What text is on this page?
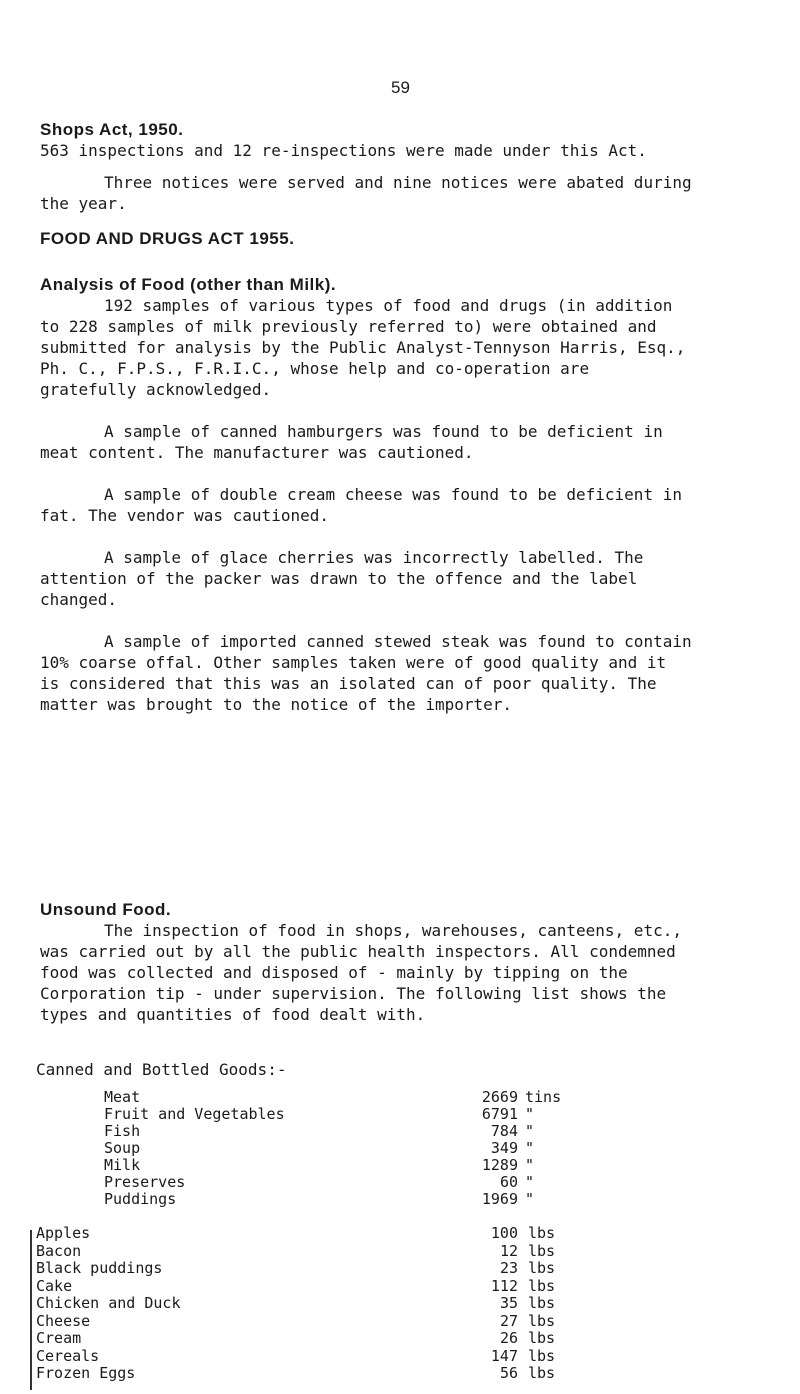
59
Shops Act, 1950.

563 inspections and 12 re-inspections were made under this Act.

Three notices were served and nine notices were abated during
the year.

FOOD AND DRUGS ACT 1955.
Analysis of Food (other than Milk).

192 samples of various types of food and drugs (in addition
to 228 samples of milk previously referred to) were obtained and
submitted for analysis by the Public Analyst-Tennyson Harris, Esq.,
Ph. C., F.P.S., F.R.I.C., whose help and co-operation are
gratefully acknowledged.

A sample of canned hamburgers was found to be deficient in
meat content. The manufacturer was cautioned.

A sample of double cream cheese was found to be deficient in
fat. The vendor was cautioned.

A sample of glace cherries was incorrectly labelled. The
attention of the packer was drawn to the offence and the label
changed.

A sample of imported canned stewed steak was found to contain
10% coarse offal. Other samples taken were of good quality and it
is considered that this was an isolated can of poor quality. The
matter was brought to the notice of the importer.

Unsound Food.

The inspection of food in shops, warehouses, canteens, etc.,
was carried out by all the public health inspectors. All condemned
food was collected and disposed of - mainly by tipping on the
Corporation tip - under supervision. The following list shows the
types and quantities of food dealt with.

Canned and Bottled Goods:-
Meat	2669 tins
Fruit and Vegetables	6791 "
Fish	784 "
Soup	349 "
Milk	1289 "
Preserves	60 "
Puddings	1969 "
Apples	100 lbs
Bacon	12 lbs
Black puddings	23 lbs
Cake	112 lbs
Chicken and Duck	35 lbs
Cheese	27 lbs
Cream	26 lbs
Cereals	147 lbs
Frozen Eggs	56 lbs
